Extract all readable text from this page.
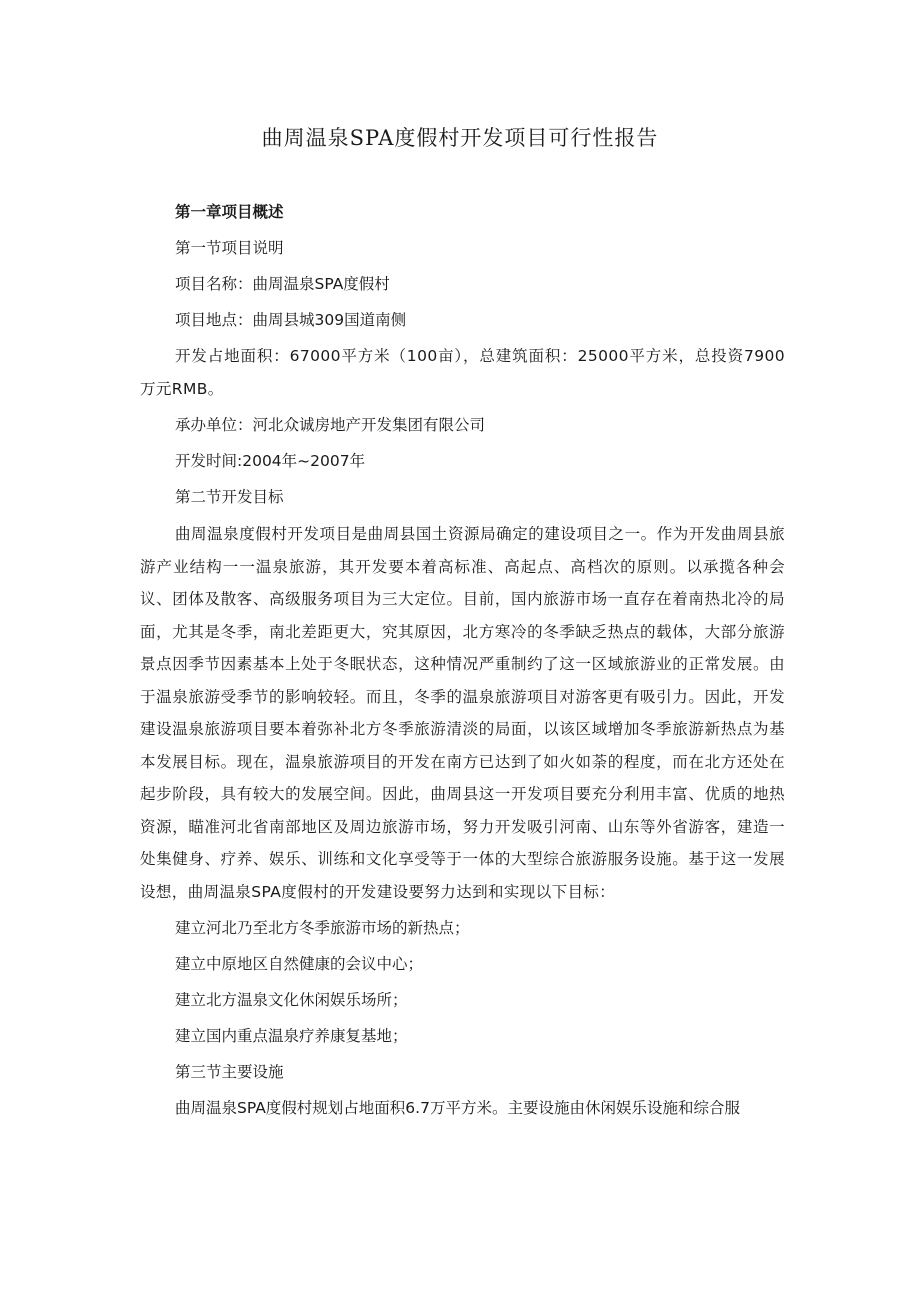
曲周温泉SPA度假村开发项目可行性报告
第一章项目概述
第一节项目说明
项目名称：曲周温泉SPA度假村
项目地点：曲周县城309国道南侧
开发占地面积：67000平方米（100亩），总建筑面积：25000平方米，总投资7900万元RMB。
承办单位：河北众诚房地产开发集团有限公司
开发时间:2004年~2007年
第二节开发目标
曲周温泉度假村开发项目是曲周县国土资源局确定的建设项目之一。作为开发曲周县旅游产业结构一一温泉旅游，其开发要本着高标准、高起点、高档次的原则。以承揽各种会议、团体及散客、高级服务项目为三大定位。目前，国内旅游市场一直存在着南热北冷的局面，尤其是冬季，南北差距更大，究其原因，北方寒冷的冬季缺乏热点的载体，大部分旅游景点因季节因素基本上处于冬眠状态，这种情况严重制约了这一区域旅游业的正常发展。由于温泉旅游受季节的影响较轻。而且，冬季的温泉旅游项目对游客更有吸引力。因此，开发建设温泉旅游项目要本着弥补北方冬季旅游清淡的局面，以该区域增加冬季旅游新热点为基本发展目标。现在，温泉旅游项目的开发在南方已达到了如火如荼的程度，而在北方还处在起步阶段，具有较大的发展空间。因此，曲周县这一开发项目要充分利用丰富、优质的地热资源，瞄准河北省南部地区及周边旅游市场，努力开发吸引河南、山东等外省游客，建造一处集健身、疗养、娱乐、训练和文化享受等于一体的大型综合旅游服务设施。基于这一发展设想，曲周温泉SPA度假村的开发建设要努力达到和实现以下目标：
建立河北乃至北方冬季旅游市场的新热点；
建立中原地区自然健康的会议中心；
建立北方温泉文化休闲娱乐场所；
建立国内重点温泉疗养康复基地；
第三节主要设施
曲周温泉SPA度假村规划占地面积6.7万平方米。主要设施由休闲娱乐设施和综合服
